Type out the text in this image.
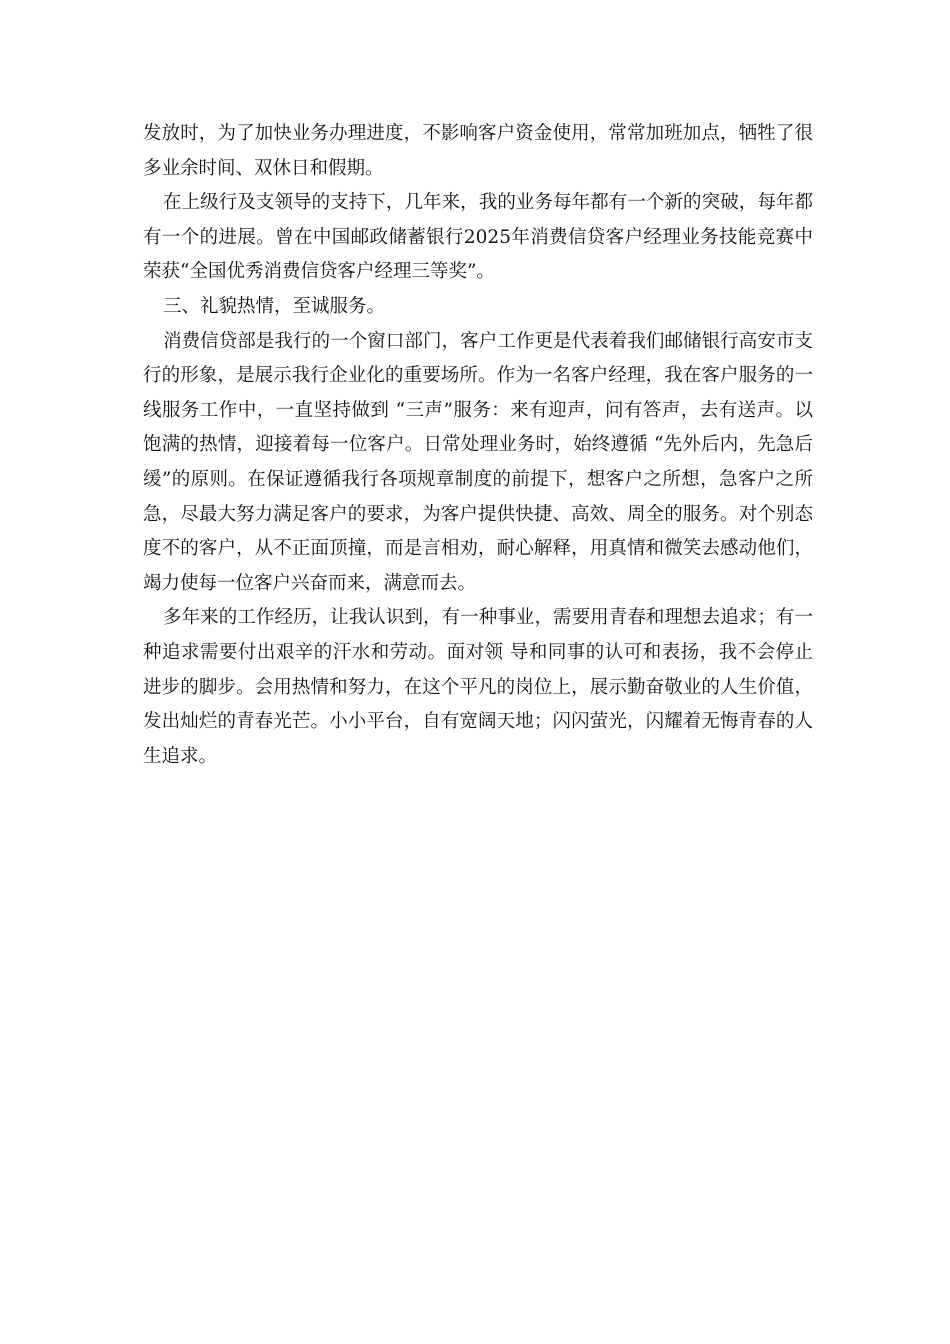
发放时，为了加快业务办理进度，不影响客户资金使用，常常加班加点，牺牲了很多业余时间、双休日和假期。

在上级行及支领导的支持下，几年来，我的业务每年都有一个新的突破，每年都有一个的进展。曾在中国邮政储蓄银行2025年消费信贷客户经理业务技能竞赛中荣获“全国优秀消费信贷客户经理三等奖”。

三、礼貌热情，至诚服务。

消费信贷部是我行的一个窗口部门，客户工作更是代表着我们邮储银行高安市支行的形象，是展示我行企业化的重要场所。作为一名客户经理，我在客户服务的一线服务工作中，一直坚持做到 “三声”服务：来有迎声，问有答声，去有送声。以饱满的热情，迎接着每一位客户。日常处理业务时，始终遵循 “先外后内，先急后缓”的原则。在保证遵循我行各项规章制度的前提下，想客户之所想，急客户之所急，尽最大努力满足客户的要求，为客户提供快捷、高效、周全的服务。对个别态度不的客户，从不正面顶撞，而是言相劝，耐心解释，用真情和微笑去感动他们，竭力使每一位客户兴奋而来，满意而去。

多年来的工作经历，让我认识到，有一种事业，需要用青春和理想去追求；有一种追求需要付出艰辛的汗水和劳动。面对领 导和同事的认可和表扬，我不会停止进步的脚步。会用热情和努力，在这个平凡的岗位上，展示勤奋敬业的人生价值，发出灿烂的青春光芒。小小平台，自有宽阔天地；闪闪萤光，闪耀着无悔青春的人生追求。
